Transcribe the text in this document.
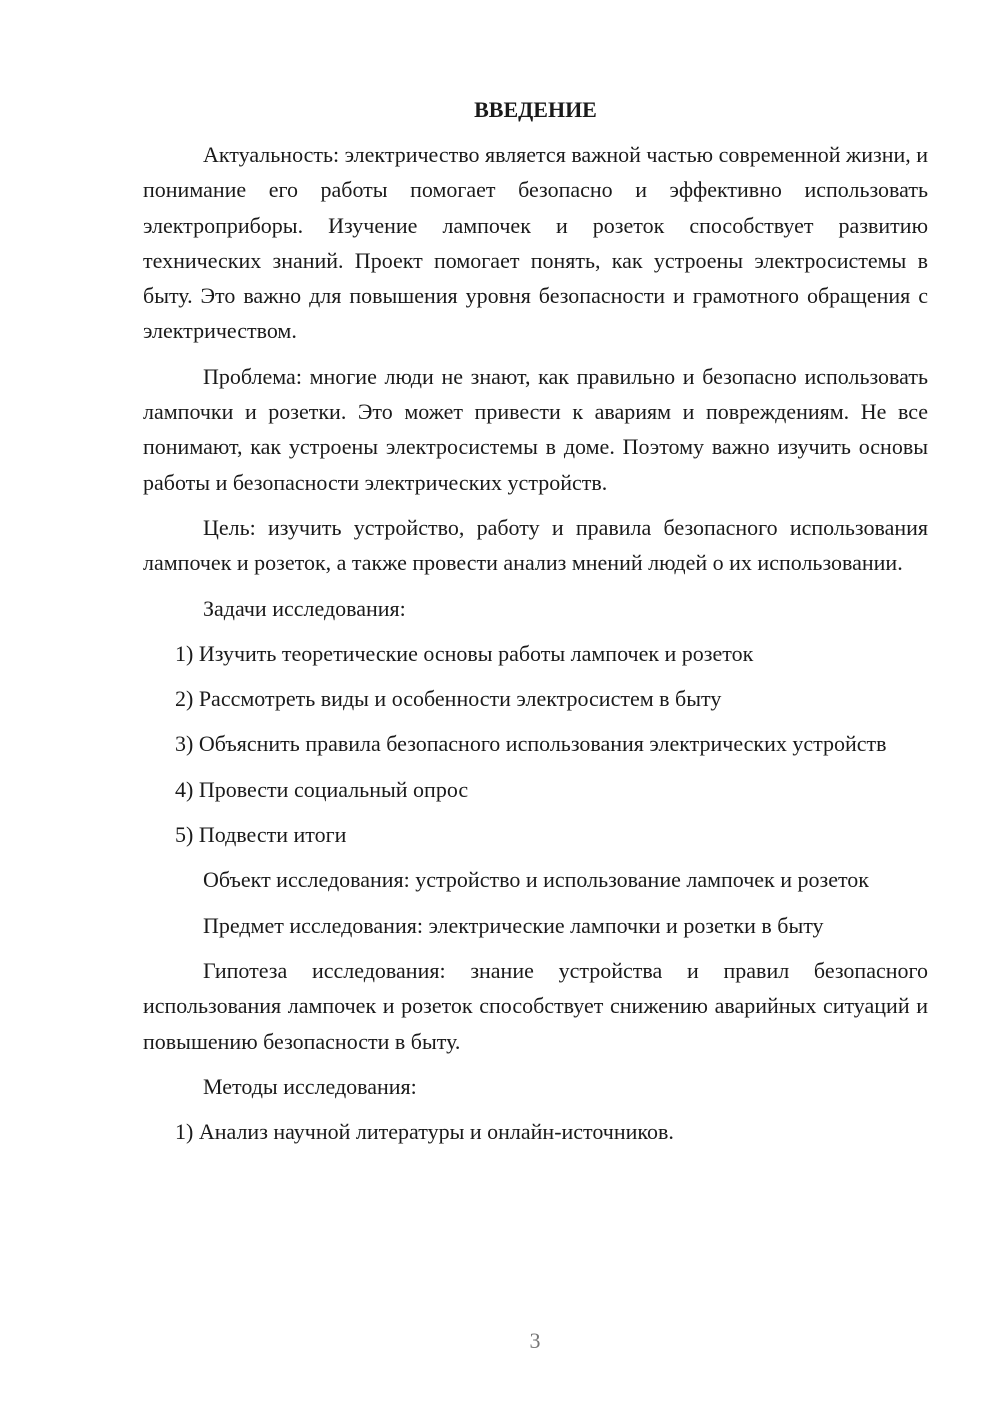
ВВЕДЕНИЕ

Актуальность: электричество является важной частью современной жизни, и понимание его работы помогает безопасно и эффективно использовать электроприборы. Изучение лампочек и розеток способствует развитию технических знаний. Проект помогает понять, как устроены электросистемы в быту. Это важно для повышения уровня безопасности и грамотного обращения с электричеством.

Проблема: многие люди не знают, как правильно и безопасно использовать лампочки и розетки. Это может привести к авариям и повреждениям. Не все понимают, как устроены электросистемы в доме. Поэтому важно изучить основы работы и безопасности электрических устройств.

Цель: изучить устройство, работу и правила безопасного использования лампочек и розеток, а также провести анализ мнений людей о их использовании.

Задачи исследования:

1) Изучить теоретические основы работы лампочек и розеток

2) Рассмотреть виды и особенности электросистем в быту

3) Объяснить правила безопасного использования электрических устройств

4) Провести социальный опрос

5) Подвести итоги

Объект исследования: устройство и использование лампочек и розеток

Предмет исследования: электрические лампочки и розетки в быту

Гипотеза исследования: знание устройства и правил безопасного использования лампочек и розеток способствует снижению аварийных ситуаций и повышению безопасности в быту.

Методы исследования:

1) Анализ научной литературы и онлайн-источников.

3
